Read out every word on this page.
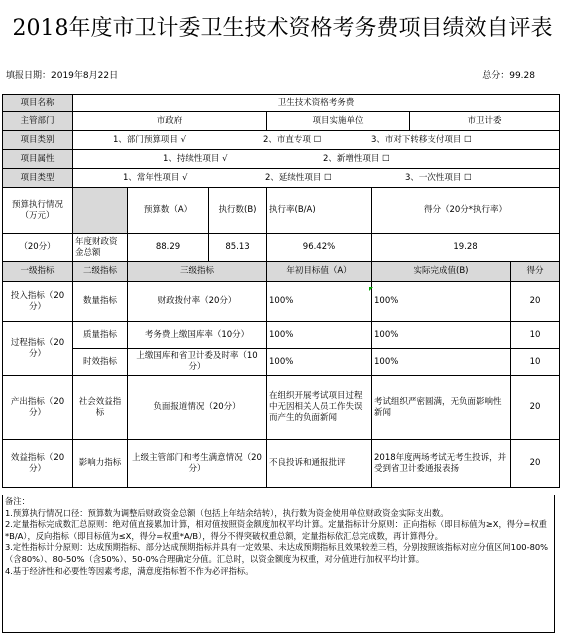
2018年度市卫计委卫生技术资格考务费项目绩效自评表
填报日期：2019年8月22日	总分：99.28
项目名称	卫生技术资格考务费						
主管部门	市政府			项目实施单位		市卫计委	
项目类别	1、部门预算项目 √ 2、市直专项 ☐ 3、市对下转移支付项目 ☐						
项目属性	1、持续性项目 √ 2、新增性项目 ☐						
项目类型	1、常年性项目 √ 2、延续性项目 ☐ 3、一次性项目 ☐						
预算执行情况（万元）		预算数（A）	执行数(B)	执行率(B/A)	得分（20分*执行率）		
（20分）	年度财政资金总额	88.29	85.13	96.42%	19.28		
一级指标	二级指标	三级指标		年初目标值（A）	实际完成值(B)		得分
投入指标（20分）	数量指标	财政拨付率（20分）		100%	100%		20
过程指标（20分）	质量指标	考务费上缴国库率（10分）		100%	100%		10
	时效指标	上缴国库和省卫计委及时率（10分）		100%	100%		10
产出指标（20分）	社会效益指标	负面报道情况（20分）		在组织开展考试项目过程中无因相关人员工作失误而产生的负面新闻	考试组织严密圆满，无负面影响性新闻		20
效益指标（20分）	影响力指标	上级主管部门和考生满意情况（20分）		不良投诉和通报批评	2018年度两场考试无考生投诉，并受到省卫计委通报表扬		20

备注：

1.预算执行情况口径：预算数为调整后财政资金总额（包括上年结余结转），执行数为资金使用单位财政资金实际支出数。

2.定量指标完成数汇总原则：绝对值直接累加计算，相对值按照资金额度加权平均计算。定量指标计分原则：正向指标（即目标值为≥X，得分=权重*B/A），反向指标（即目标值为≤X，得分=权重*A/B），得分不得突破权重总额，定量指标依汇总完成数，再计算得分。

3.定性指标计分原则：达成预期指标、部分达成预期指标并具有一定效果、未达成预期指标且效果较差三档，分别按照该指标对应分值区间100-80%（含80%）、80-50%（含50%）、50-0%合理确定分值。汇总时，以资金额度为权重，对分值进行加权平均计算。

4.基于经济性和必要性等因素考虑，满意度指标暂不作为必评指标。
